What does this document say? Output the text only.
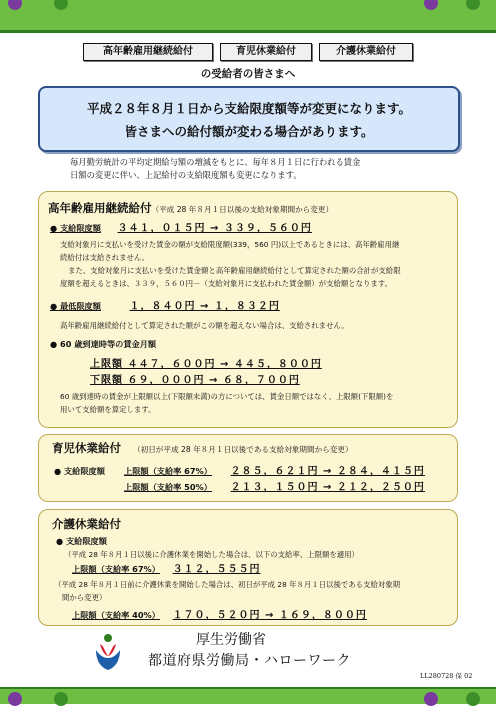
高年齢雇用継続給付	育児休業給付	介護休業給付
の受給者の皆さまへ
平成２８年８月１日から支給限度額等が変更になります。
皆さまへの給付額が変わる場合があります。
毎月勤労統計の平均定期給与額の増減をもとに、毎年８月１日に行われる賃金
日額の変更に伴い、上記給付の支給限度額も変更になります。
高年齢雇用継続給付（平成 28 年８月１日以後の支給対象期間から変更）
● 支給限度額 ３４１，０１５円 → ３３９，５６０円
支給対象月に支払いを受けた賃金の額が支給限度額(339，560 円)以上であるときには、高年齢雇用継
続給付は支給されません。
また、支給対象月に支払いを受けた賃金額と高年齢雇用継続給付として算定された額の合計が支給限
度額を超えるときは、３３９，５６０円－（支給対象月に支払われた賃金額）が支給額となります。
● 最低限度額	１，８４０円 → １，８３２円
高年齢雇用継続給付として算定された額がこの額を超えない場合は、支給されません。
● 60 歳到達時等の賃金月額
上限額 ４４７，６００円 → ４４５，８００円
下限額 ６９，０００円 → ６８，７００円
60 歳到達時の賃金が上限額以上(下限額未満)の方については、賃金日額ではなく、上限額(下限額)を
用いて支給額を算定します。
育児休業給付 （初日が平成 28 年８月１日以後である支給対象期間から変更）
● 支給限度額 上限額（支給率 67%） ２８５，６２１円 → ２８４，４１５円
上限額（支給率 50%） ２１３，１５０円 → ２１２，２５０円
介護休業給付
● 支給限度額
（平成 28 年８月１日以後に介護休業を開始した場合は、以下の支給率、上限額を適用）
上限額（支給率 67%） ３１２，５５５円
（平成 28 年８月１日前に介護休業を開始した場合は、初日が平成 28 年８月１日以後である支給対象期
間から変更）
上限額（支給率 40%） １７０，５２０円 → １６９，８００円
厚生労働省
都道府県労働局・ハローワーク
LL280728 保 02
